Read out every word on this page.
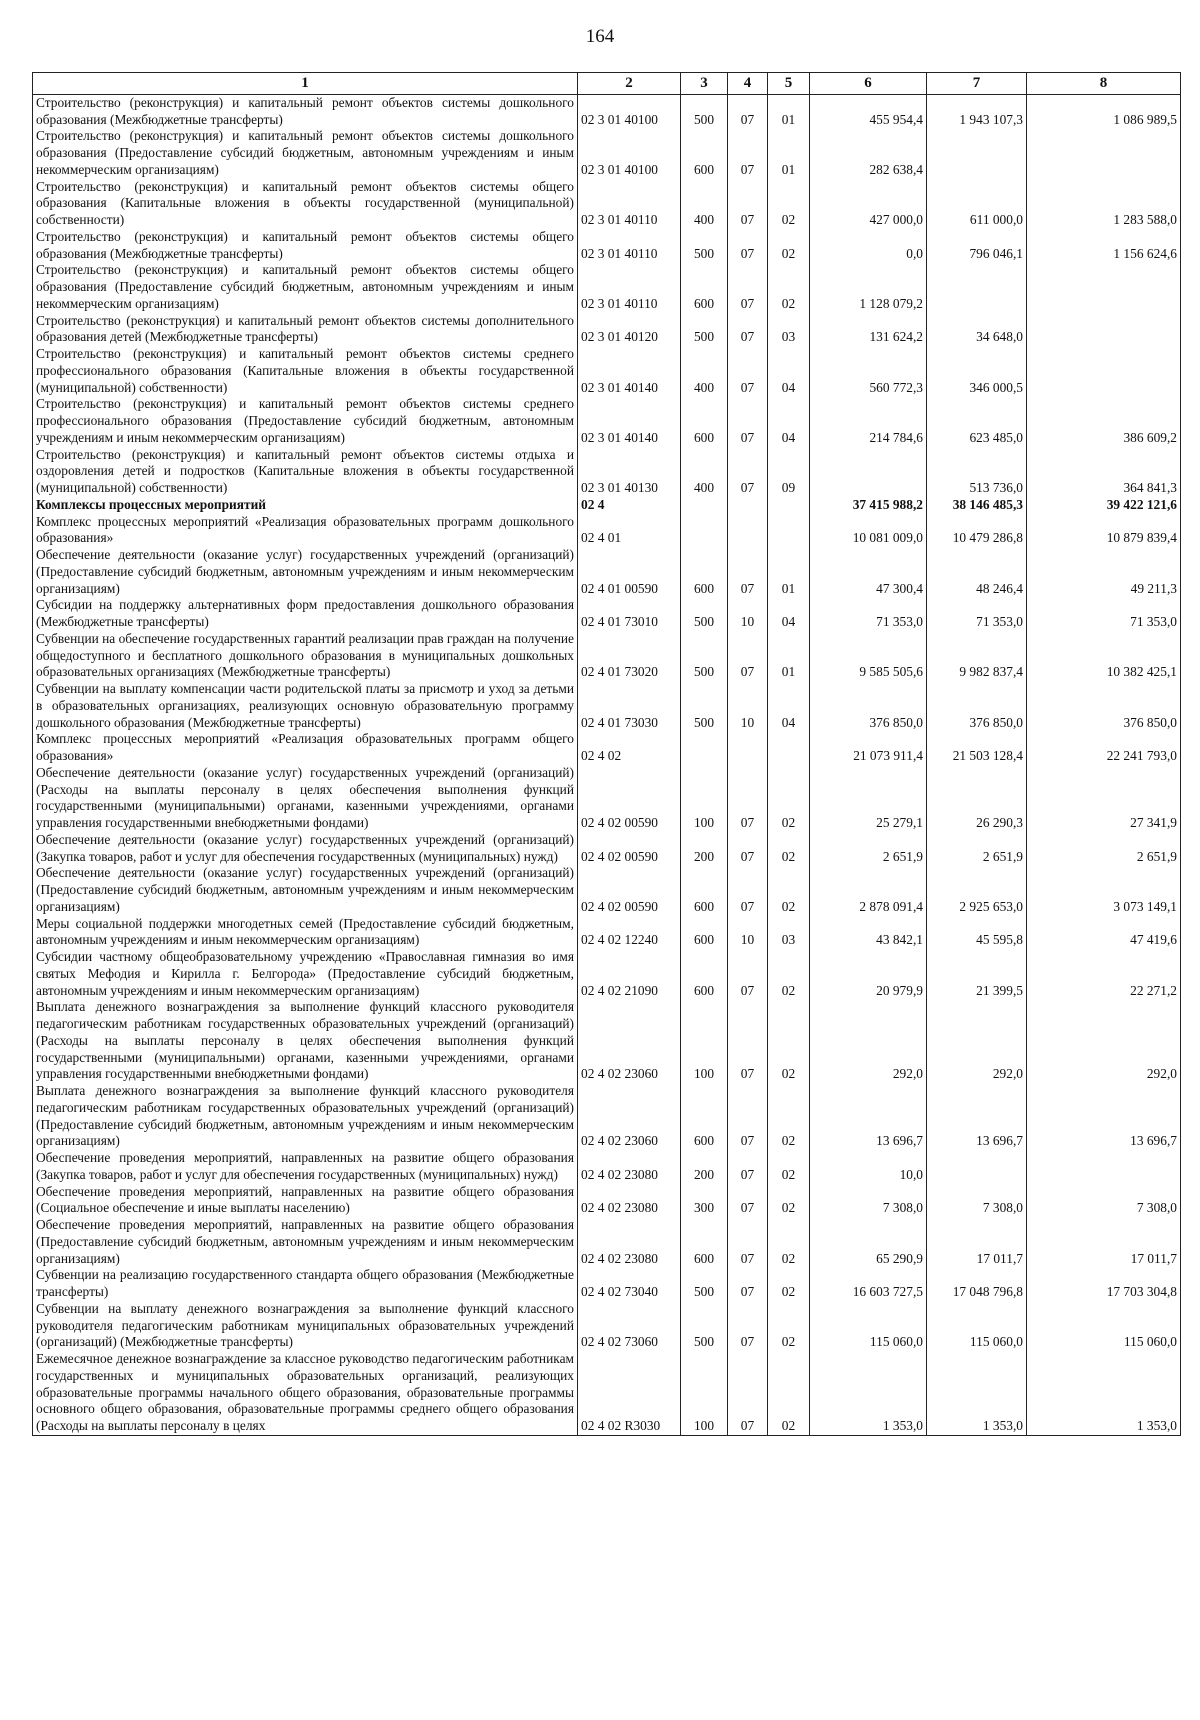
164
1	2	3	4	5	6	7	8
Строительство (реконструкция) и капитальный ремонт объектов системы дошкольного образования (Межбюджетные трансферты)	02 3 01 40100	500	07	01	455 954,4	1 943 107,3	1 086 989,5
Строительство (реконструкция) и капитальный ремонт объектов системы дошкольного образования (Предоставление субсидий бюджетным, автономным учреждениям и иным некоммерческим организациям)	02 3 01 40100	600	07	01	282 638,4		
Строительство (реконструкция) и капитальный ремонт объектов системы общего образования (Капитальные вложения в объекты государственной (муниципальной) собственности)	02 3 01 40110	400	07	02	427 000,0	611 000,0	1 283 588,0
Строительство (реконструкция) и капитальный ремонт объектов системы общего образования (Межбюджетные трансферты)	02 3 01 40110	500	07	02	0,0	796 046,1	1 156 624,6
Строительство (реконструкция) и капитальный ремонт объектов системы общего образования (Предоставление субсидий бюджетным, автономным учреждениям и иным некоммерческим организациям)	02 3 01 40110	600	07	02	1 128 079,2		
Строительство (реконструкция) и капитальный ремонт объектов системы дополнительного образования детей (Межбюджетные трансферты)	02 3 01 40120	500	07	03	131 624,2	34 648,0	
Строительство (реконструкция) и капитальный ремонт объектов системы среднего профессионального образования (Капитальные вложения в объекты государственной (муниципальной) собственности)	02 3 01 40140	400	07	04	560 772,3	346 000,5	
Строительство (реконструкция) и капитальный ремонт объектов системы среднего профессионального образования (Предоставление субсидий бюджетным, автономным учреждениям и иным некоммерческим организациям)	02 3 01 40140	600	07	04	214 784,6	623 485,0	386 609,2
Строительство (реконструкция) и капитальный ремонт объектов системы отдыха и оздоровления детей и подростков (Капитальные вложения в объекты государственной (муниципальной) собственности)	02 3 01 40130	400	07	09		513 736,0	364 841,3
Комплексы процессных мероприятий	02 4				37 415 988,2	38 146 485,3	39 422 121,6
Комплекс процессных мероприятий «Реализация образовательных программ дошкольного образования»	02 4 01				10 081 009,0	10 479 286,8	10 879 839,4
Обеспечение деятельности (оказание услуг) государственных учреждений (организаций) (Предоставление субсидий бюджетным, автономным учреждениям и иным некоммерческим организациям)	02 4 01 00590	600	07	01	47 300,4	48 246,4	49 211,3
Субсидии на поддержку альтернативных форм предоставления дошкольного образования (Межбюджетные трансферты)	02 4 01 73010	500	10	04	71 353,0	71 353,0	71 353,0
Субвенции на обеспечение государственных гарантий реализации прав граждан на получение общедоступного и бесплатного дошкольного образования в муниципальных дошкольных образовательных организациях (Межбюджетные трансферты)	02 4 01 73020	500	07	01	9 585 505,6	9 982 837,4	10 382 425,1
Субвенции на выплату компенсации части родительской платы за присмотр и уход за детьми в образовательных организациях, реализующих основную образовательную программу дошкольного образования (Межбюджетные трансферты)	02 4 01 73030	500	10	04	376 850,0	376 850,0	376 850,0
Комплекс процессных мероприятий «Реализация образовательных программ общего образования»	02 4 02				21 073 911,4	21 503 128,4	22 241 793,0
Обеспечение деятельности (оказание услуг) государственных учреждений (организаций) (Расходы на выплаты персоналу в целях обеспечения выполнения функций государственными (муниципальными) органами, казенными учреждениями, органами управления государственными внебюджетными фондами)	02 4 02 00590	100	07	02	25 279,1	26 290,3	27 341,9
Обеспечение деятельности (оказание услуг) государственных учреждений (организаций) (Закупка товаров, работ и услуг для обеспечения государственных (муниципальных) нужд)	02 4 02 00590	200	07	02	2 651,9	2 651,9	2 651,9
Обеспечение деятельности (оказание услуг) государственных учреждений (организаций) (Предоставление субсидий бюджетным, автономным учреждениям и иным некоммерческим организациям)	02 4 02 00590	600	07	02	2 878 091,4	2 925 653,0	3 073 149,1
Меры социальной поддержки многодетных семей (Предоставление субсидий бюджетным, автономным учреждениям и иным некоммерческим организациям)	02 4 02 12240	600	10	03	43 842,1	45 595,8	47 419,6
Субсидии частному общеобразовательному учреждению «Православная гимназия во имя святых Мефодия и Кирилла г. Белгорода» (Предоставление субсидий бюджетным, автономным учреждениям и иным некоммерческим организациям)	02 4 02 21090	600	07	02	20 979,9	21 399,5	22 271,2
Выплата денежного вознаграждения за выполнение функций классного руководителя педагогическим работникам государственных образовательных учреждений (организаций) (Расходы на выплаты персоналу в целях обеспечения выполнения функций государственными (муниципальными) органами, казенными учреждениями, органами управления государственными внебюджетными фондами)	02 4 02 23060	100	07	02	292,0	292,0	292,0
Выплата денежного вознаграждения за выполнение функций классного руководителя педагогическим работникам государственных образовательных учреждений (организаций) (Предоставление субсидий бюджетным, автономным учреждениям и иным некоммерческим организациям)	02 4 02 23060	600	07	02	13 696,7	13 696,7	13 696,7
Обеспечение проведения мероприятий, направленных на развитие общего образования (Закупка товаров, работ и услуг для обеспечения государственных (муниципальных) нужд)	02 4 02 23080	200	07	02	10,0		
Обеспечение проведения мероприятий, направленных на развитие общего образования (Социальное обеспечение и иные выплаты населению)	02 4 02 23080	300	07	02	7 308,0	7 308,0	7 308,0
Обеспечение проведения мероприятий, направленных на развитие общего образования (Предоставление субсидий бюджетным, автономным учреждениям и иным некоммерческим организациям)	02 4 02 23080	600	07	02	65 290,9	17 011,7	17 011,7
Субвенции на реализацию государственного стандарта общего образования (Межбюджетные трансферты)	02 4 02 73040	500	07	02	16 603 727,5	17 048 796,8	17 703 304,8
Субвенции на выплату денежного вознаграждения за выполнение функций классного руководителя педагогическим работникам муниципальных образовательных учреждений (организаций) (Межбюджетные трансферты)	02 4 02 73060	500	07	02	115 060,0	115 060,0	115 060,0
Ежемесячное денежное вознаграждение за классное руководство педагогическим работникам государственных и муниципальных образовательных организаций, реализующих образовательные программы начального общего образования, образовательные программы основного общего образования, образовательные программы среднего общего образования (Расходы на выплаты персоналу в целях	02 4 02 R3030	100	07	02	1 353,0	1 353,0	1 353,0
